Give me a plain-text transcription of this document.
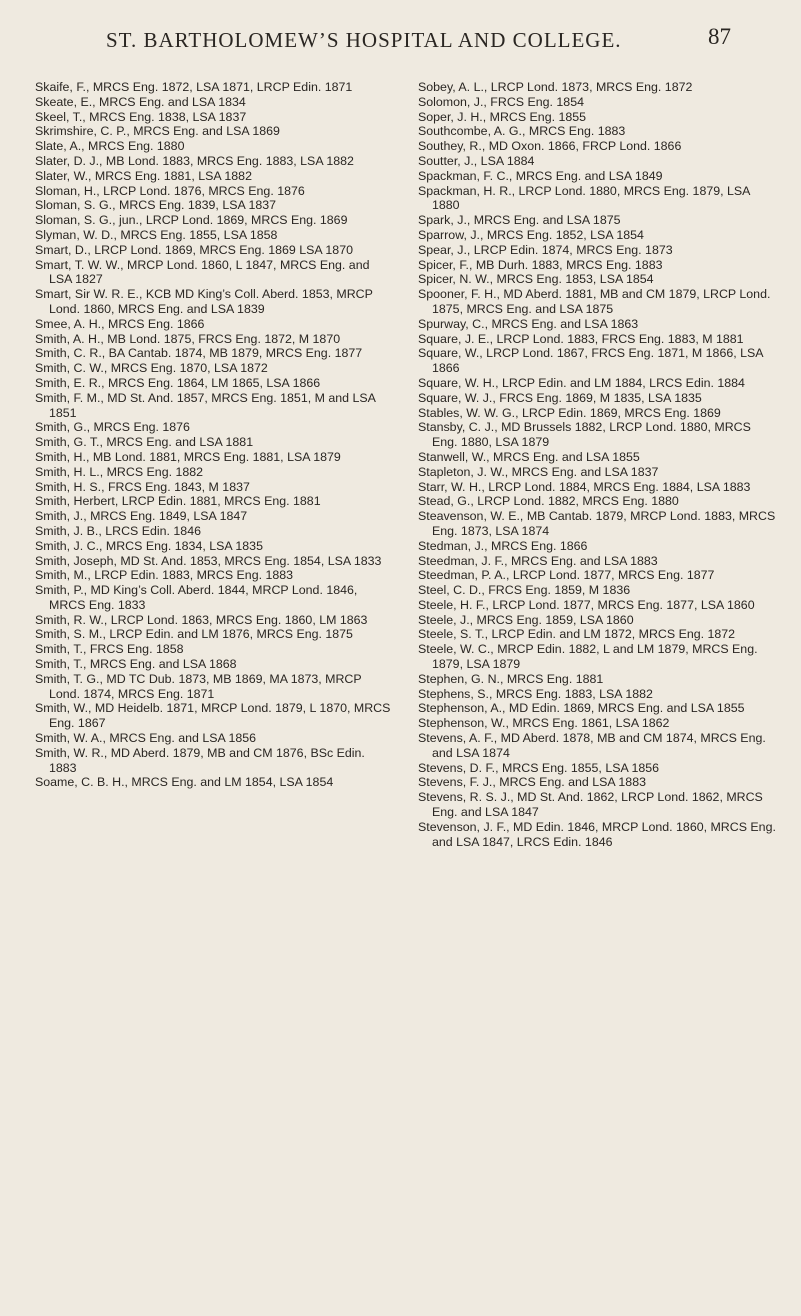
ST. BARTHOLOMEW’S HOSPITAL AND COLLEGE.	87

Skaife, F., MRCS Eng. 1872, LSA 1871, LRCP Edin. 1871

Skeate, E., MRCS Eng. and LSA 1834

Skeel, T., MRCS Eng. 1838, LSA 1837

Skrimshire, C. P., MRCS Eng. and LSA 1869

Slate, A., MRCS Eng. 1880

Slater, D. J., MB Lond. 1883, MRCS Eng. 1883, LSA 1882

Slater, W., MRCS Eng. 1881, LSA 1882

Sloman, H., LRCP Lond. 1876, MRCS Eng. 1876

Sloman, S. G., MRCS Eng. 1839, LSA 1837

Sloman, S. G., jun., LRCP Lond. 1869, MRCS Eng. 1869

Slyman, W. D., MRCS Eng. 1855, LSA 1858

Smart, D., LRCP Lond. 1869, MRCS Eng. 1869 LSA 1870

Smart, T. W. W., MRCP Lond. 1860, L 1847, MRCS Eng. and LSA 1827

Smart, Sir W. R. E., KCB MD King’s Coll. Aberd. 1853, MRCP Lond. 1860, MRCS Eng. and LSA 1839

Smee, A. H., MRCS Eng. 1866

Smith, A. H., MB Lond. 1875, FRCS Eng. 1872, M 1870

Smith, C. R., BA Cantab. 1874, MB 1879, MRCS Eng. 1877

Smith, C. W., MRCS Eng. 1870, LSA 1872

Smith, E. R., MRCS Eng. 1864, LM 1865, LSA 1866

Smith, F. M., MD St. And. 1857, MRCS Eng. 1851, M and LSA 1851

Smith, G., MRCS Eng. 1876

Smith, G. T., MRCS Eng. and LSA 1881

Smith, H., MB Lond. 1881, MRCS Eng. 1881, LSA 1879

Smith, H. L., MRCS Eng. 1882

Smith, H. S., FRCS Eng. 1843, M 1837

Smith, Herbert, LRCP Edin. 1881, MRCS Eng. 1881

Smith, J., MRCS Eng. 1849, LSA 1847

Smith, J. B., LRCS Edin. 1846

Smith, J. C., MRCS Eng. 1834, LSA 1835

Smith, Joseph, MD St. And. 1853, MRCS Eng. 1854, LSA 1833

Smith, M., LRCP Edin. 1883, MRCS Eng. 1883

Smith, P., MD King’s Coll. Aberd. 1844, MRCP Lond. 1846, MRCS Eng. 1833

Smith, R. W., LRCP Lond. 1863, MRCS Eng. 1860, LM 1863

Smith, S. M., LRCP Edin. and LM 1876, MRCS Eng. 1875

Smith, T., FRCS Eng. 1858

Smith, T., MRCS Eng. and LSA 1868

Smith, T. G., MD TC Dub. 1873, MB 1869, MA 1873, MRCP Lond. 1874, MRCS Eng. 1871

Smith, W., MD Heidelb. 1871, MRCP Lond. 1879, L 1870, MRCS Eng. 1867

Smith, W. A., MRCS Eng. and LSA 1856

Smith, W. R., MD Aberd. 1879, MB and CM 1876, BSc Edin. 1883

Soame, C. B. H., MRCS Eng. and LM 1854, LSA 1854

Sobey, A. L., LRCP Lond. 1873, MRCS Eng. 1872

Solomon, J., FRCS Eng. 1854

Soper, J. H., MRCS Eng. 1855

Southcombe, A. G., MRCS Eng. 1883

Southey, R., MD Oxon. 1866, FRCP Lond. 1866

Soutter, J., LSA 1884

Spackman, F. C., MRCS Eng. and LSA 1849

Spackman, H. R., LRCP Lond. 1880, MRCS Eng. 1879, LSA 1880

Spark, J., MRCS Eng. and LSA 1875

Sparrow, J., MRCS Eng. 1852, LSA 1854

Spear, J., LRCP Edin. 1874, MRCS Eng. 1873

Spicer, F., MB Durh. 1883, MRCS Eng. 1883

Spicer, N. W., MRCS Eng. 1853, LSA 1854

Spooner, F. H., MD Aberd. 1881, MB and CM 1879, LRCP Lond. 1875, MRCS Eng. and LSA 1875

Spurway, C., MRCS Eng. and LSA 1863

Square, J. E., LRCP Lond. 1883, FRCS Eng. 1883, M 1881

Square, W., LRCP Lond. 1867, FRCS Eng. 1871, M 1866, LSA 1866

Square, W. H., LRCP Edin. and LM 1884, LRCS Edin. 1884

Square, W. J., FRCS Eng. 1869, M 1835, LSA 1835

Stables, W. W. G., LRCP Edin. 1869, MRCS Eng. 1869

Stansby, C. J., MD Brussels 1882, LRCP Lond. 1880, MRCS Eng. 1880, LSA 1879

Stanwell, W., MRCS Eng. and LSA 1855

Stapleton, J. W., MRCS Eng. and LSA 1837

Starr, W. H., LRCP Lond. 1884, MRCS Eng. 1884, LSA 1883

Stead, G., LRCP Lond. 1882, MRCS Eng. 1880

Steavenson, W. E., MB Cantab. 1879, MRCP Lond. 1883, MRCS Eng. 1873, LSA 1874

Stedman, J., MRCS Eng. 1866

Steedman, J. F., MRCS Eng. and LSA 1883

Steedman, P. A., LRCP Lond. 1877, MRCS Eng. 1877

Steel, C. D., FRCS Eng. 1859, M 1836

Steele, H. F., LRCP Lond. 1877, MRCS Eng. 1877, LSA 1860

Steele, J., MRCS Eng. 1859, LSA 1860

Steele, S. T., LRCP Edin. and LM 1872, MRCS Eng. 1872

Steele, W. C., MRCP Edin. 1882, L and LM 1879, MRCS Eng. 1879, LSA 1879

Stephen, G. N., MRCS Eng. 1881

Stephens, S., MRCS Eng. 1883, LSA 1882

Stephenson, A., MD Edin. 1869, MRCS Eng. and LSA 1855

Stephenson, W., MRCS Eng. 1861, LSA 1862

Stevens, A. F., MD Aberd. 1878, MB and CM 1874, MRCS Eng. and LSA 1874

Stevens, D. F., MRCS Eng. 1855, LSA 1856

Stevens, F. J., MRCS Eng. and LSA 1883

Stevens, R. S. J., MD St. And. 1862, LRCP Lond. 1862, MRCS Eng. and LSA 1847

Stevenson, J. F., MD Edin. 1846, MRCP Lond. 1860, MRCS Eng. and LSA 1847, LRCS Edin. 1846
